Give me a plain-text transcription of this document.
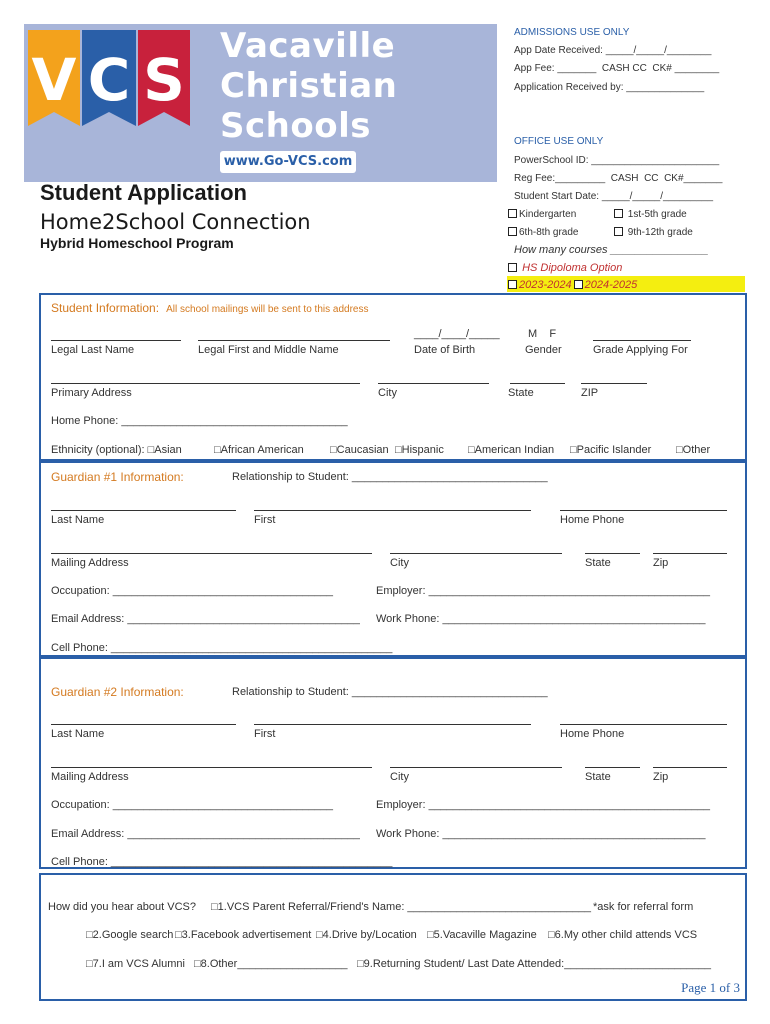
V C S Vacaville
Christian
Schools
www.Go-VCS.com
Student Application
Home2School Connection
Hybrid Homeschool Program
ADMISSIONS USE ONLY
App Date Received: _____/_____/________
App Fee: _______  CASH CC  CK# ________
Application Received by: ______________
OFFICE USE ONLY
PowerSchool ID: _______________________
Reg Fee:_________  CASH  CC  CK#_______
Student Start Date: _____/_____/_________
Kindergarten	1st-5th grade
6th-8th grade	9th-12th grade
How many courses ________________
HS Dipoloma Option
2023-2024 2024-2025
Student Information: All school mailings will be sent to this address
____/____/_____	M    F
Legal Last Name	Legal First and Middle Name	Date of Birth	Gender	Grade Applying For
Primary Address	City	State	ZIP
Home Phone: _____________________________________
Ethnicity (optional): □Asian	□African American □Caucasian □Hispanic □American Indian □Pacific Islander □Other
Guardian #1 Information:	Relationship to Student: ________________________________
Last Name	First	Home Phone
Mailing Address	City	State	Zip
Occupation: ____________________________________	Employer: ______________________________________________
Email Address: ______________________________________ Work Phone: ___________________________________________
Cell Phone: ______________________________________________
Guardian #2 Information:	Relationship to Student: ________________________________
Last Name	First	Home Phone
Mailing Address	City	State	Zip
Occupation: ____________________________________	Employer: ______________________________________________
Email Address: ______________________________________ Work Phone: ___________________________________________
Cell Phone: ______________________________________________
How did you hear about VCS? □1.VCS Parent Referral/Friend's Name: ______________________________ *ask for referral form
□2.Google search □3.Facebook advertisement □4.Drive by/Location □5.Vacaville Magazine □6.My other child attends VCS
□7.I am VCS Alumni □8.Other__________________ □9.Returning Student/ Last Date Attended:________________________
Page 1 of 3
